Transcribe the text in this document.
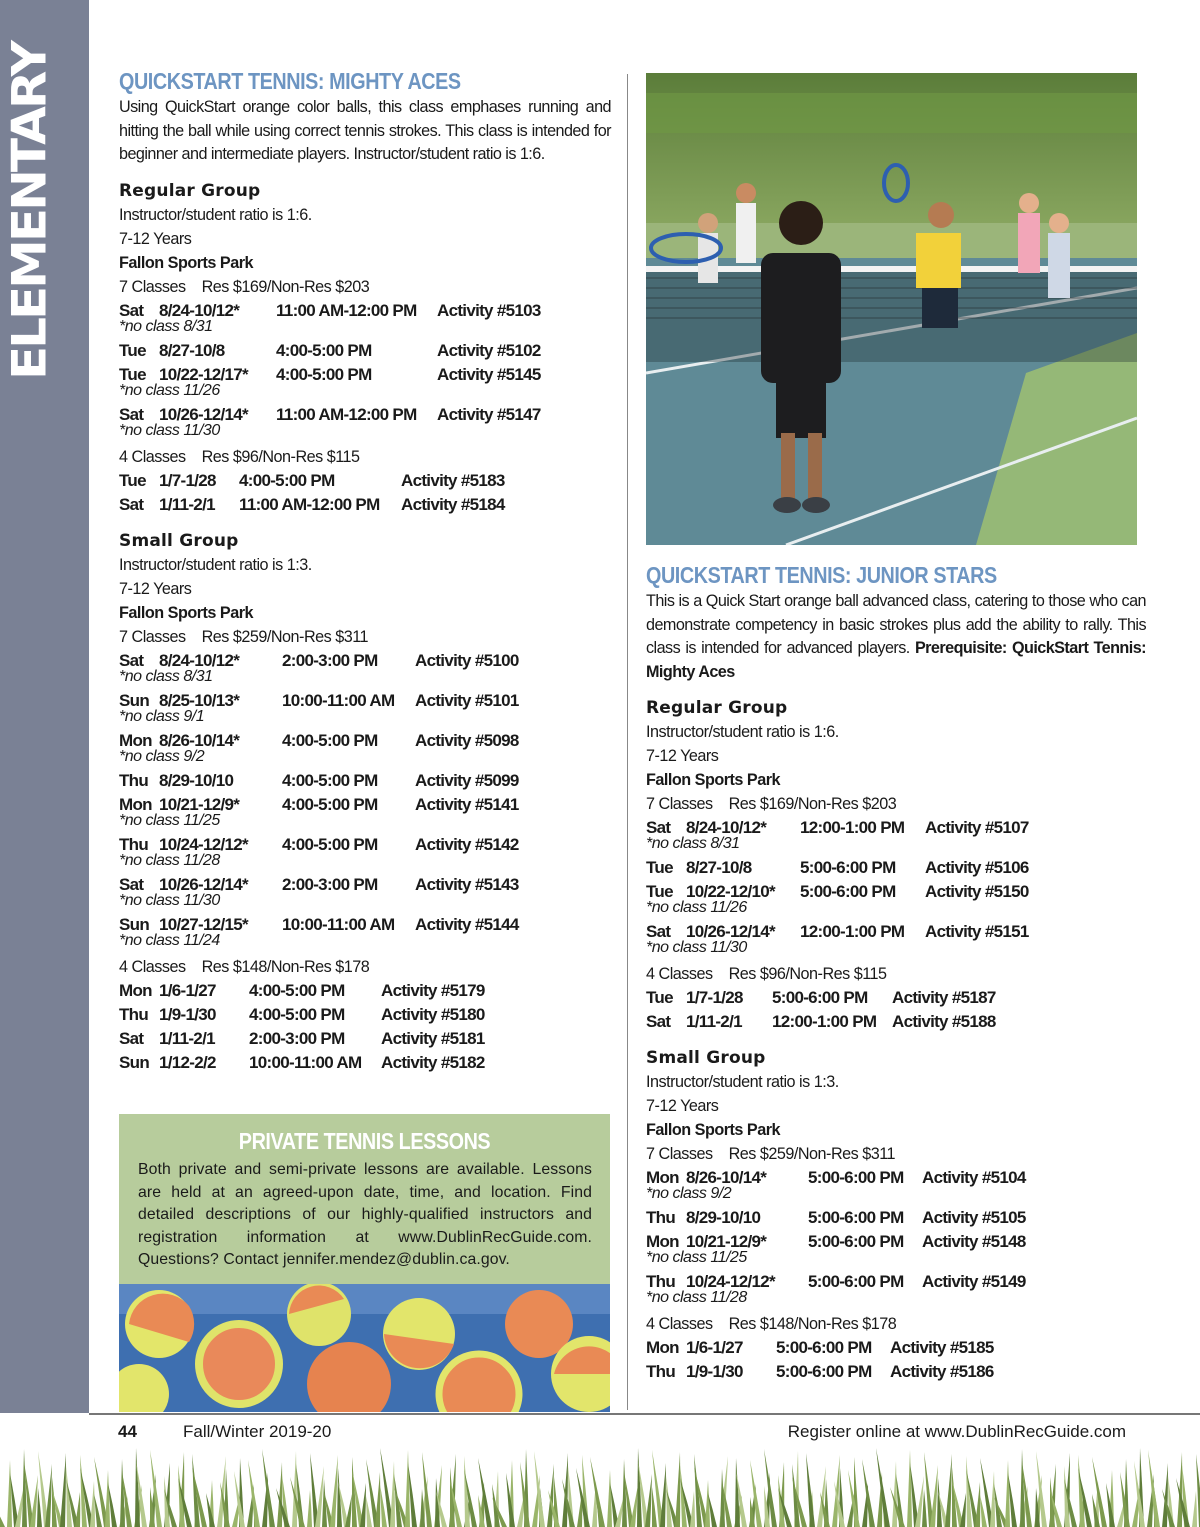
ELEMENTARY	QUICKSTART TENNIS: MIGHTY ACES

Using QuickStart orange color balls, this class emphases running and hitting the ball while using correct tennis strokes. This class is intended for beginner and intermediate players. Instructor/student ratio is 1:6.

Regular Group
Instructor/student ratio is 1:6.
7-12 Years
Fallon Sports Park
7 Classes    Res $169/Non-Res $203
Sat 8/24-10/12*	11:00 AM-12:00 PM	Activity #5103
*no class 8/31
Tue 8/27-10/8	4:00-5:00 PM	Activity #5102
Tue 10/22-12/17*	4:00-5:00 PM	Activity #5145
*no class 11/26
Sat 10/26-12/14*	11:00 AM-12:00 PM	Activity #5147
*no class 11/30
4 Classes    Res $96/Non-Res $115
Tue 1/7-1/28	4:00-5:00 PM	Activity #5183
Sat 1/11-2/1	11:00 AM-12:00 PM	Activity #5184
Small Group
Instructor/student ratio is 1:3.
7-12 Years
Fallon Sports Park
7 Classes    Res $259/Non-Res $311
Sat 8/24-10/12*	2:00-3:00 PM	Activity #5100
*no class 8/31
Sun 8/25-10/13*	10:00-11:00 AM	Activity #5101
*no class 9/1
Mon 8/26-10/14*	4:00-5:00 PM	Activity #5098
*no class 9/2
Thu 8/29-10/10	4:00-5:00 PM	Activity #5099
Mon 10/21-12/9*	4:00-5:00 PM	Activity #5141
*no class 11/25
Thu 10/24-12/12*	4:00-5:00 PM	Activity #5142
*no class 11/28
Sat 10/26-12/14*	2:00-3:00 PM	Activity #5143
*no class 11/30
Sun 10/27-12/15*	10:00-11:00 AM	Activity #5144
*no class 11/24
4 Classes    Res $148/Non-Res $178
Mon 1/6-1/27	4:00-5:00 PM	Activity #5179
Thu 1/9-1/30	4:00-5:00 PM	Activity #5180
Sat 1/11-2/1	2:00-3:00 PM	Activity #5181
Sun 1/12-2/2	10:00-11:00 AM	Activity #5182
QUICKSTART TENNIS: JUNIOR STARS

This is a Quick Start orange ball advanced class, catering to those who can demonstrate competency in basic strokes plus add the ability to rally. This class is intended for advanced players. Prerequisite: QuickStart Tennis: Mighty Aces

Regular Group
Instructor/student ratio is 1:6.
7-12 Years
Fallon Sports Park
7 Classes    Res $169/Non-Res $203
Sat 8/24-10/12*	12:00-1:00 PM	Activity #5107
*no class 8/31
Tue 8/27-10/8	5:00-6:00 PM	Activity #5106
Tue 10/22-12/10*	5:00-6:00 PM	Activity #5150
*no class 11/26
Sat 10/26-12/14*	12:00-1:00 PM	Activity #5151
*no class 11/30
4 Classes    Res $96/Non-Res $115
Tue 1/7-1/28	5:00-6:00 PM	Activity #5187
Sat 1/11-2/1	12:00-1:00 PM Activity #5188
Small Group
Instructor/student ratio is 1:3.
7-12 Years
Fallon Sports Park
7 Classes    Res $259/Non-Res $311
Mon 8/26-10/14*	5:00-6:00 PM	Activity #5104
*no class 9/2
Thu 8/29-10/10	5:00-6:00 PM	Activity #5105
Mon 10/21-12/9*	5:00-6:00 PM	Activity #5148
*no class 11/25
Thu 10/24-12/12*	5:00-6:00 PM	Activity #5149
*no class 11/28
4 Classes    Res $148/Non-Res $178
Mon 1/6-1/27	5:00-6:00 PM	Activity #5185
Thu 1/9-1/30	5:00-6:00 PM	Activity #5186
PRIVATE TENNIS LESSONS

Both private and semi-private lessons are available. Lessons are held at an agreed-upon date, time, and location. Find detailed descriptions of our highly-qualified instructors and registration information at www.DublinRecGuide.com. Questions? Contact jennifer.mendez@dublin.ca.gov.

44	Fall/Winter 2019-20	Register online at www.DublinRecGuide.com
